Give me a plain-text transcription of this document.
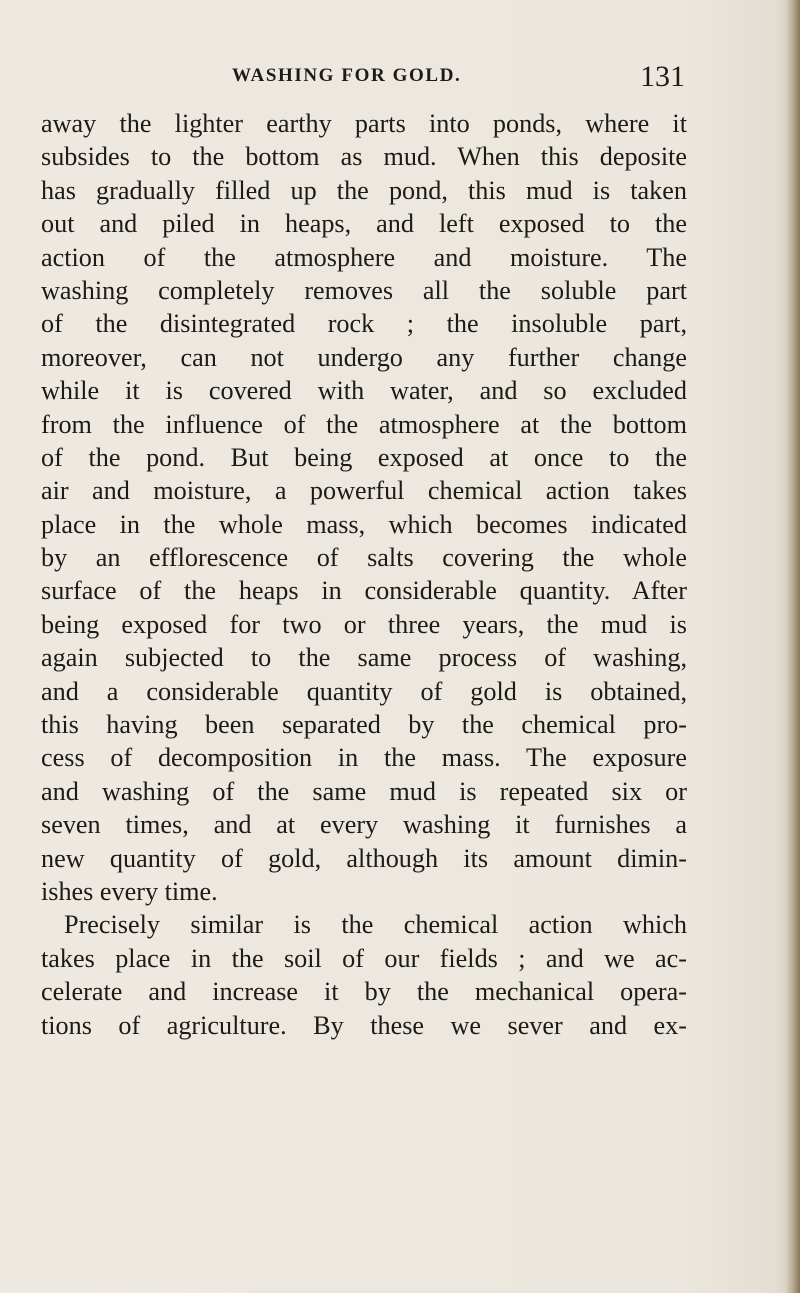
WASHING FOR GOLD.	131
away the lighter earthy parts into ponds, where it
subsides to the bottom as mud. When this deposite
has gradually filled up the pond, this mud is taken
out and piled in heaps, and left exposed to the
action of the atmosphere and moisture. The
washing completely removes all the soluble part
of the disintegrated rock ; the insoluble part,
moreover, can not undergo any further change
while it is covered with water, and so excluded
from the influence of the atmosphere at the bottom
of the pond. But being exposed at once to the
air and moisture, a powerful chemical action takes
place in the whole mass, which becomes indicated
by an efflorescence of salts covering the whole
surface of the heaps in considerable quantity. After
being exposed for two or three years, the mud is
again subjected to the same process of washing,
and a considerable quantity of gold is obtained,
this having been separated by the chemical pro-
cess of decomposition in the mass. The exposure
and washing of the same mud is repeated six or
seven times, and at every washing it furnishes a
new quantity of gold, although its amount dimin-
ishes every time.
Precisely similar is the chemical action which
takes place in the soil of our fields ; and we ac-
celerate and increase it by the mechanical opera-
tions of agriculture. By these we sever and ex-
